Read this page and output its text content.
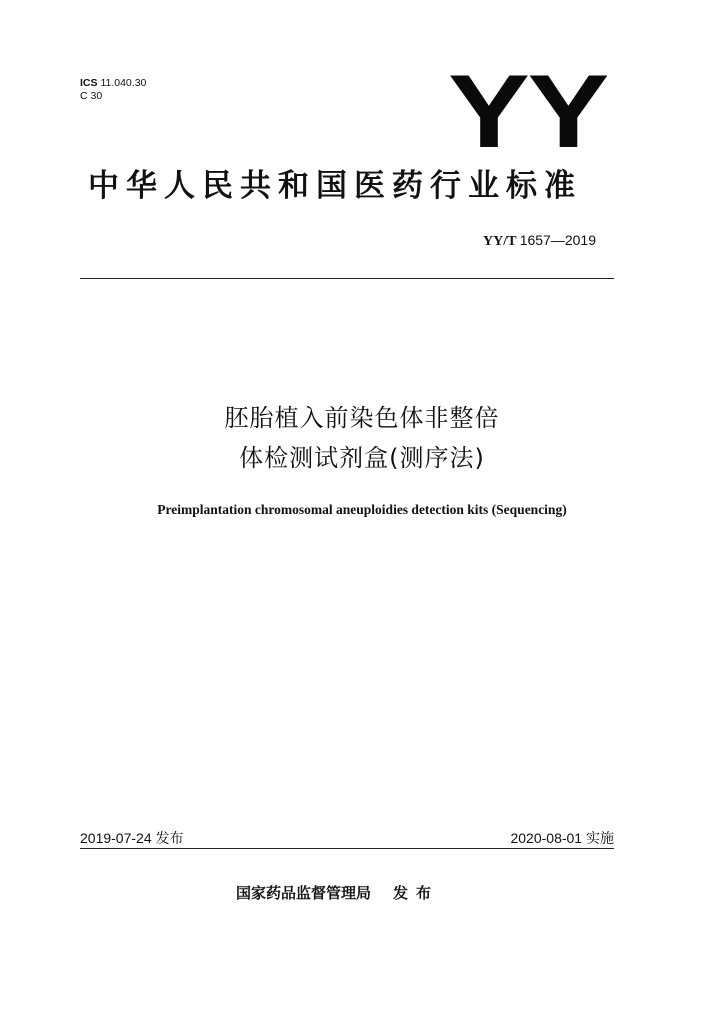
ICS 11.040.30
C 30	YY
中华人民共和国医药行业标准
YY/T 1657—2019
胚胎植入前染色体非整倍
体检测试剂盒(测序法)
Preimplantation chromosomal aneuploidies detection kits (Sequencing)
2019-07-24 发布	2020-08-01 实施
国家药品监督管理局 发布
